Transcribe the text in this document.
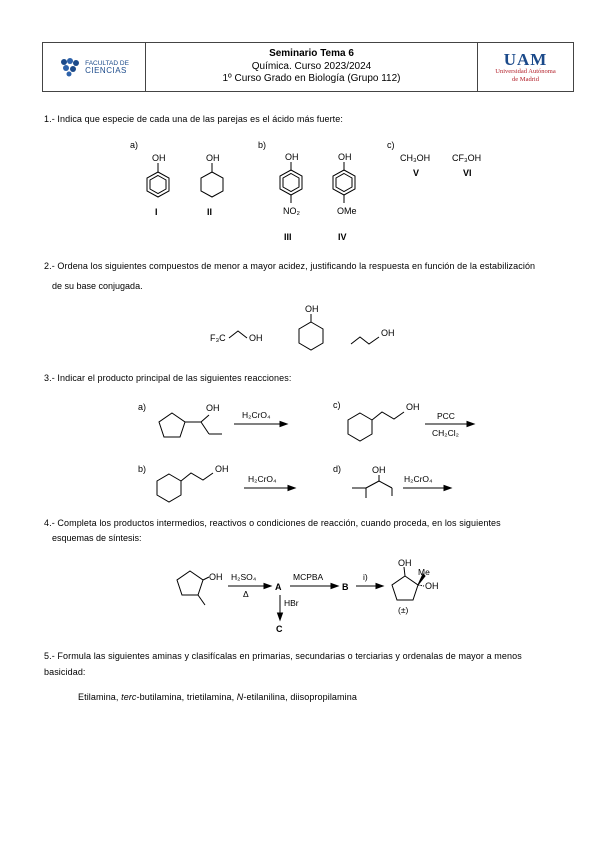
FACULTAD DE
CIENCIAS
Seminario Tema 6
Química. Curso 2023/2024
1º Curso Grado en Biología (Grupo 112)
UAM
Universidad Autónoma
de Madrid
1.- Indica que especie de cada una de las parejas es el ácido más fuerte:
2.- Ordena los siguientes compuestos de menor a mayor acidez, justificando la respuesta en función de la estabilización
de su base conjugada.
3.- Indicar el producto principal de las siguientes reacciones:
4.- Completa los productos intermedios, reactivos o condiciones de reacción, cuando proceda, en los siguientes
esquemas de síntesis:
5.- Formula las siguientes aminas y clasifícalas en primarias, secundarias o terciarias y ordenalas de mayor a menos
basicidad:
Etilamina, terc-butilamina, trietilamina, N-etilanilina, diisopropilamina
a)	b)	c)
OH
I
OH
II
OH
NO₂
III
OH
OMe
IV
CH₃OH CF₃OH
V	VI
F₃C	OH
OH
OH
a)	c)
b)	d)
OH
H₂CrO₄
OH
PCC
CH₂Cl₂
OH
H₂CrO₄
OH
H₂CrO₄
OH H₂SO₄
Δ
A
MCPBA
HBr
C
B
i)
OH
Me
OH
(±)
